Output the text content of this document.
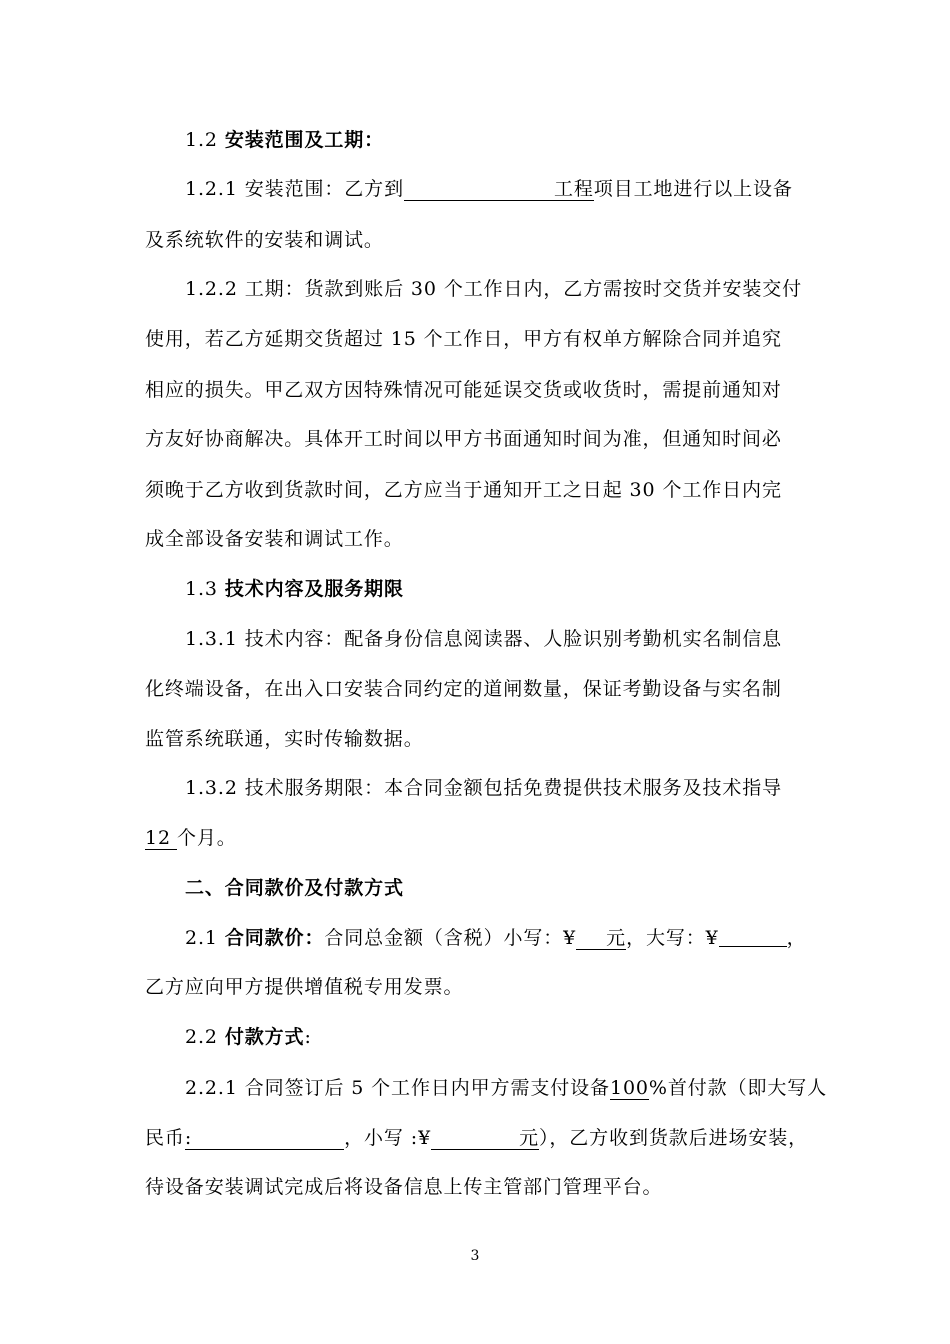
1.2 安装范围及工期：
1.2.1 安装范围：乙方到	工程项目工地进行以上设备
及系统软件的安装和调试。
1.2.2 工期：货款到账后 30 个工作日内，乙方需按时交货并安装交付
使用，若乙方延期交货超过 15 个工作日，甲方有权单方解除合同并追究
相应的损失。甲乙双方因特殊情况可能延误交货或收货时，需提前通知对
方友好协商解决。具体开工时间以甲方书面通知时间为准，但通知时间必
须晚于乙方收到货款时间，乙方应当于通知开工之日起 30 个工作日内完
成全部设备安装和调试工作。
1.3 技术内容及服务期限
1.3.1 技术内容：配备身份信息阅读器、人脸识别考勤机实名制信息
化终端设备，在出入口安装合同约定的道闸数量，保证考勤设备与实名制
监管系统联通，实时传输数据。
1.3.2 技术服务期限：本合同金额包括免费提供技术服务及技术指导
12个月。
二、合同款价及付款方式
2.1 合同款价：合同总金额（含税）小写：¥ 元，大写：¥	，
乙方应向甲方提供增值税专用发票。
2.2 付款方式:
2.2.1 合同签订后 5 个工作日内甲方需支付设备100%首付款（即大写人
民币:	，小写 :¥	元），乙方收到货款后进场安装，
待设备安装调试完成后将设备信息上传主管部门管理平台。
3
